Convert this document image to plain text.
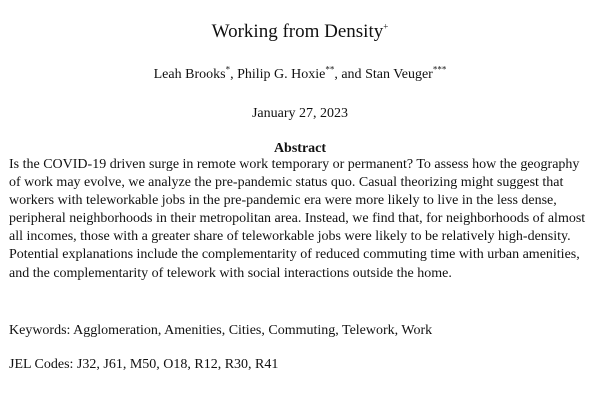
Working from Density+
Leah Brooks*, Philip G. Hoxie**, and Stan Veuger***
January 27, 2023
Abstract
Is the COVID-19 driven surge in remote work temporary or permanent? To assess how the geography of work may evolve, we analyze the pre-pandemic status quo. Casual theorizing might suggest that workers with teleworkable jobs in the pre-pandemic era were more likely to live in the less dense, peripheral neighborhoods in their metropolitan area. Instead, we find that, for neighborhoods of almost all incomes, those with a greater share of teleworkable jobs were likely to be relatively high-density. Potential explanations include the complementarity of reduced commuting time with urban amenities, and the complementarity of telework with social interactions outside the home.
Keywords: Agglomeration, Amenities, Cities, Commuting, Telework, Work
JEL Codes: J32, J61, M50, O18, R12, R30, R41
